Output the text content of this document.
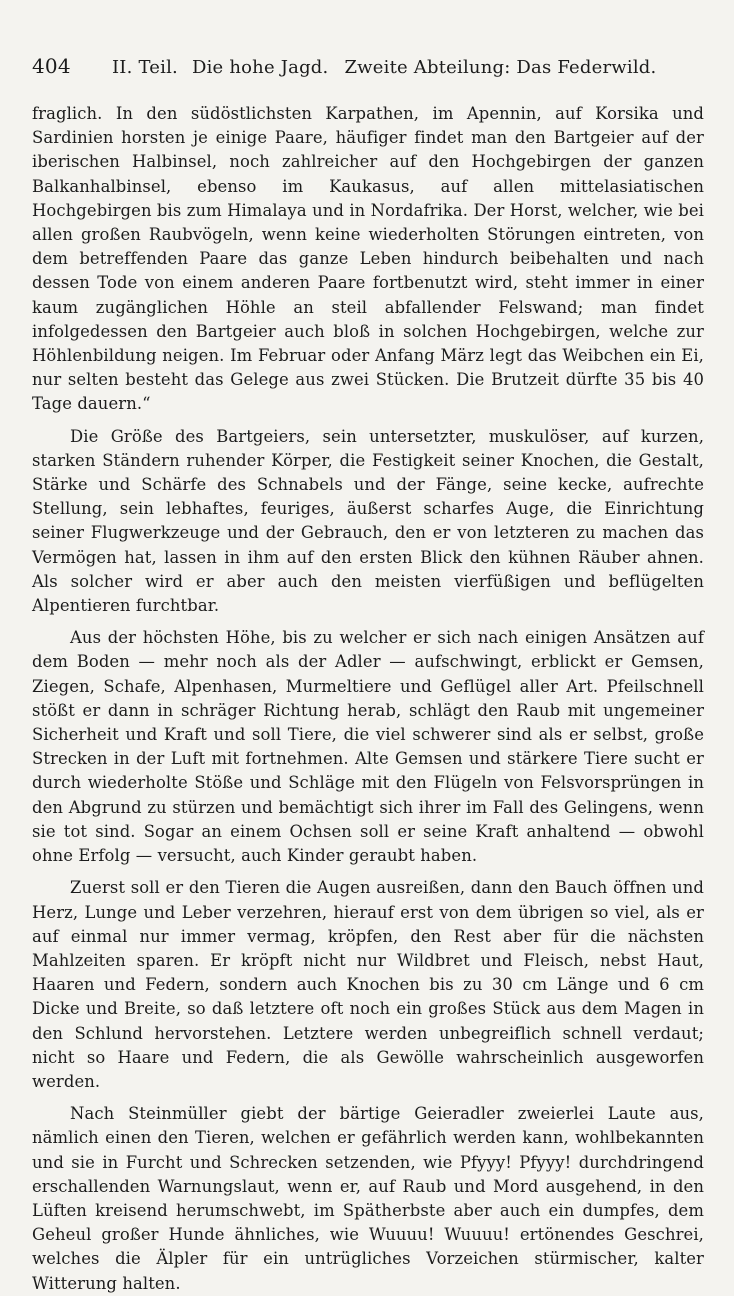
404	II. Teil. Die hohe Jagd. Zweite Abteilung: Das Federwild.

fraglich. In den südöstlichsten Karpathen, im Apennin, auf Korsika und Sardinien horsten je einige Paare, häufiger findet man den Bartgeier auf der iberischen Halbinsel, noch zahlreicher auf den Hochgebirgen der ganzen Balkanhalbinsel, ebenso im Kaukasus, auf allen mittelasiatischen Hochgebirgen bis zum Himalaya und in Nordafrika. Der Horst, welcher, wie bei allen großen Raubvögeln, wenn keine wiederholten Störungen eintreten, von dem betreffenden Paare das ganze Leben hindurch beibehalten und nach dessen Tode von einem anderen Paare fortbenutzt wird, steht immer in einer kaum zugänglichen Höhle an steil abfallender Felswand; man findet infolgedessen den Bartgeier auch bloß in solchen Hochgebirgen, welche zur Höhlenbildung neigen. Im Februar oder Anfang März legt das Weibchen ein Ei, nur selten besteht das Gelege aus zwei Stücken. Die Brutzeit dürfte 35 bis 40 Tage dauern.“

Die Größe des Bartgeiers, sein untersetzter, muskulöser, auf kurzen, starken Ständern ruhender Körper, die Festigkeit seiner Knochen, die Gestalt, Stärke und Schärfe des Schnabels und der Fänge, seine kecke, aufrechte Stellung, sein lebhaftes, feuriges, äußerst scharfes Auge, die Einrichtung seiner Flugwerkzeuge und der Gebrauch, den er von letzteren zu machen das Vermögen hat, lassen in ihm auf den ersten Blick den kühnen Räuber ahnen. Als solcher wird er aber auch den meisten vierfüßigen und beflügelten Alpentieren furchtbar.

Aus der höchsten Höhe, bis zu welcher er sich nach einigen Ansätzen auf dem Boden — mehr noch als der Adler — aufschwingt, erblickt er Gemsen, Ziegen, Schafe, Alpenhasen, Murmeltiere und Geflügel aller Art. Pfeilschnell stößt er dann in schräger Richtung herab, schlägt den Raub mit ungemeiner Sicherheit und Kraft und soll Tiere, die viel schwerer sind als er selbst, große Strecken in der Luft mit fortnehmen. Alte Gemsen und stärkere Tiere sucht er durch wiederholte Stöße und Schläge mit den Flügeln von Felsvorsprüngen in den Abgrund zu stürzen und bemächtigt sich ihrer im Fall des Gelingens, wenn sie tot sind. Sogar an einem Ochsen soll er seine Kraft anhaltend — obwohl ohne Erfolg — versucht, auch Kinder geraubt haben.

Zuerst soll er den Tieren die Augen ausreißen, dann den Bauch öffnen und Herz, Lunge und Leber verzehren, hierauf erst von dem übrigen so viel, als er auf einmal nur immer vermag, kröpfen, den Rest aber für die nächsten Mahlzeiten sparen. Er kröpft nicht nur Wildbret und Fleisch, nebst Haut, Haaren und Federn, sondern auch Knochen bis zu 30 cm Länge und 6 cm Dicke und Breite, so daß letztere oft noch ein großes Stück aus dem Magen in den Schlund hervorstehen. Letztere werden unbegreiflich schnell verdaut; nicht so Haare und Federn, die als Gewölle wahrscheinlich ausgeworfen werden.

Nach Steinmüller giebt der bärtige Geieradler zweierlei Laute aus, nämlich einen den Tieren, welchen er gefährlich werden kann, wohlbekannten und sie in Furcht und Schrecken setzenden, wie Pfyyy! Pfyyy! durchdringend erschallenden Warnungslaut, wenn er, auf Raub und Mord ausgehend, in den Lüften kreisend herumschwebt, im Spätherbste aber auch ein dumpfes, dem Geheul großer Hunde ähnliches, wie Wuuuu! Wuuuu! ertönendes Geschrei, welches die Älpler für ein untrügliches Vorzeichen stürmischer, kalter Witterung halten.
